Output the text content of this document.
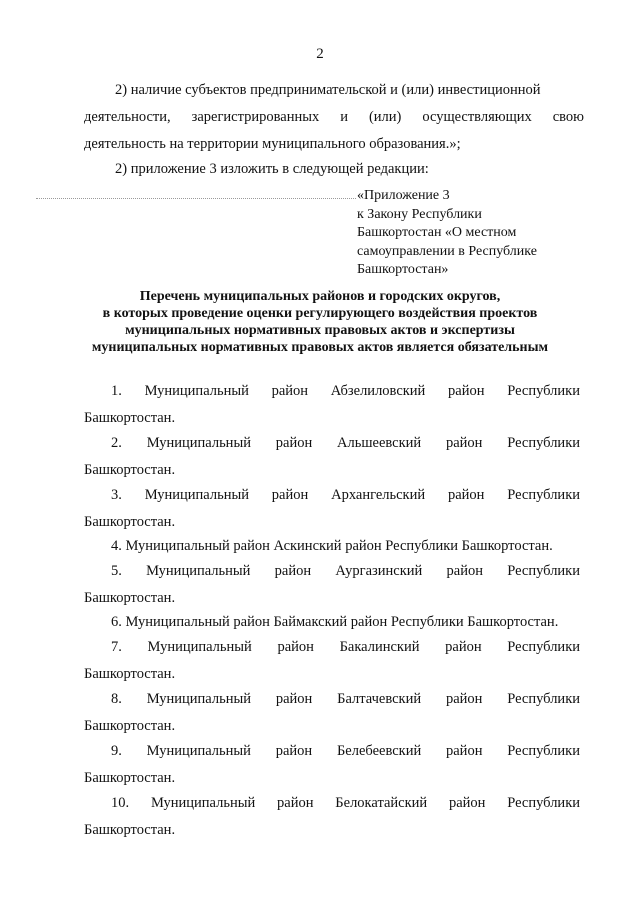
2
2) наличие субъектов предпринимательской и (или) инвестиционной
деятельности, зарегистрированных и (или) осуществляющих свою
деятельность на территории муниципального образования.»;
2) приложение 3 изложить в следующей редакции:
«Приложение 3
к Закону Республики
Башкортостан «О местном
самоуправлении в Республике
Башкортостан»
Перечень муниципальных районов и городских округов,
в которых проведение оценки регулирующего воздействия проектов
муниципальных нормативных правовых актов и экспертизы
муниципальных нормативных правовых актов является обязательным
1. Муниципальный район Абзелиловский район Республики
Башкортостан.
2. Муниципальный район Альшеевский район Республики
Башкортостан.
3. Муниципальный район Архангельский район Республики
Башкортостан.
4. Муниципальный район Аскинский район Республики Башкортостан.
5. Муниципальный район Аургазинский район Республики
Башкортостан.
6. Муниципальный район Баймакский район Республики Башкортостан.
7. Муниципальный район Бакалинский район Республики
Башкортостан.
8. Муниципальный район Балтачевский район Республики
Башкортостан.
9. Муниципальный район Белебеевский район Республики
Башкортостан.
10. Муниципальный район Белокатайский район Республики
Башкортостан.
